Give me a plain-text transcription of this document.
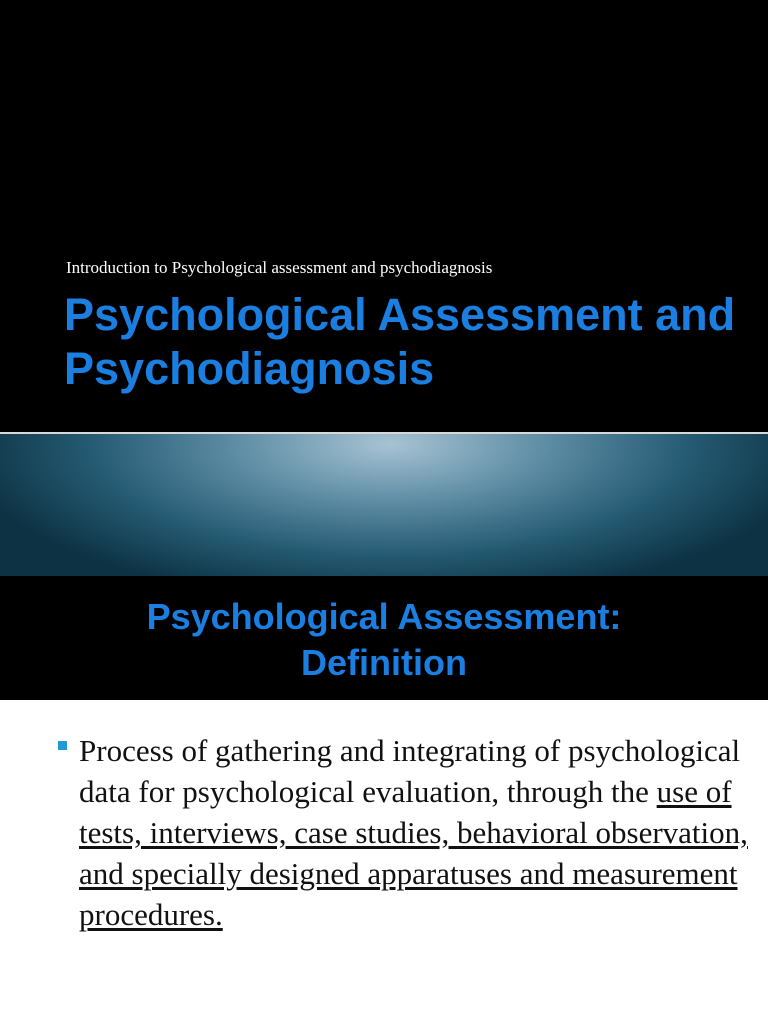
Introduction to Psychological assessment and psychodiagnosis
Psychological Assessment and Psychodiagnosis
Psychological Assessment:
Definition
Process of gathering and integrating of psychological data for psychological evaluation, through the use of tests, interviews, case studies, behavioral observation, and specially designed apparatuses and measurement procedures.
